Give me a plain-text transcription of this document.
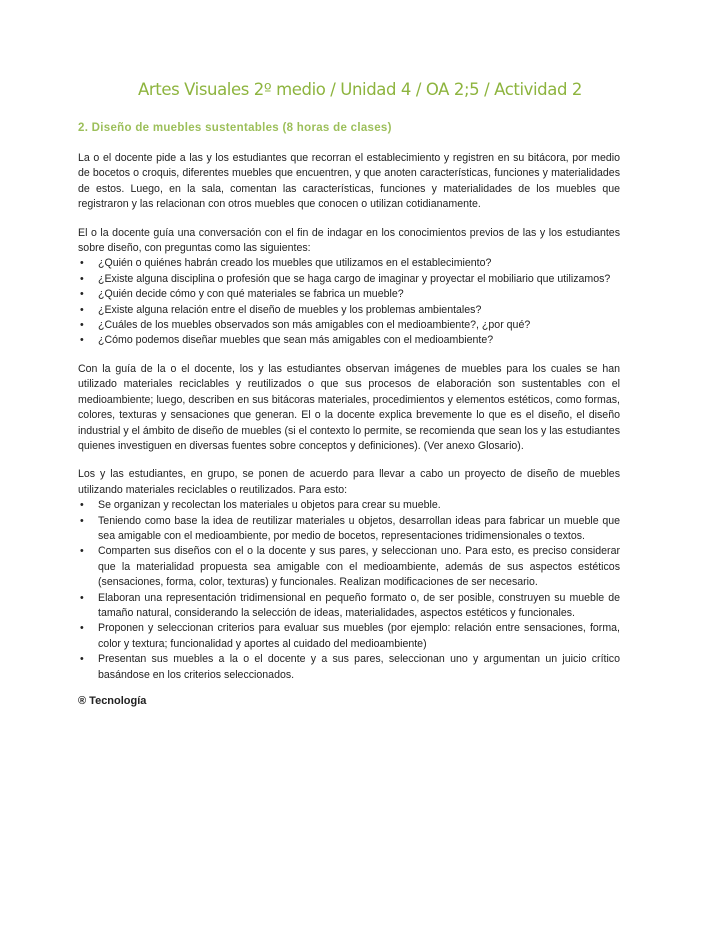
Artes Visuales 2º medio / Unidad 4 / OA 2;5 / Actividad 2
2. Diseño de muebles sustentables (8 horas de clases)

La o el docente pide a las y los estudiantes que recorran el establecimiento y registren en su bitácora, por medio de bocetos o croquis, diferentes muebles que encuentren, y que anoten características, funciones y materialidades de estos. Luego, en la sala, comentan las características, funciones y materialidades de los muebles que registraron y las relacionan con otros muebles que conocen o utilizan cotidianamente.

El o la docente guía una conversación con el fin de indagar en los conocimientos previos de las y los estudiantes sobre diseño, con preguntas como las siguientes:

• ¿Quién o quiénes habrán creado los muebles que utilizamos en el establecimiento?
• ¿Existe alguna disciplina o profesión que se haga cargo de imaginar y proyectar el mobiliario que utilizamos?
• ¿Quién decide cómo y con qué materiales se fabrica un mueble?
• ¿Existe alguna relación entre el diseño de muebles y los problemas ambientales?
• ¿Cuáles de los muebles observados son más amigables con el medioambiente?, ¿por qué?
• ¿Cómo podemos diseñar muebles que sean más amigables con el medioambiente?

Con la guía de la o el docente, los y las estudiantes observan imágenes de muebles para los cuales se han utilizado materiales reciclables y reutilizados o que sus procesos de elaboración son sustentables con el medioambiente; luego, describen en sus bitácoras materiales, procedimientos y elementos estéticos, como formas, colores, texturas y sensaciones que generan. El o la docente explica brevemente lo que es el diseño, el diseño industrial y el ámbito de diseño de muebles (si el contexto lo permite, se recomienda que sean los y las estudiantes quienes investiguen en diversas fuentes sobre conceptos y definiciones). (Ver anexo Glosario).

Los y las estudiantes, en grupo, se ponen de acuerdo para llevar a cabo un proyecto de diseño de muebles utilizando materiales reciclables o reutilizados. Para esto:

• Se organizan y recolectan los materiales u objetos para crear su mueble.
• Teniendo como base la idea de reutilizar materiales u objetos, desarrollan ideas para fabricar un mueble que sea amigable con el medioambiente, por medio de bocetos, representaciones tridimensionales o textos.
• Comparten sus diseños con el o la docente y sus pares, y seleccionan uno. Para esto, es preciso considerar que la materialidad propuesta sea amigable con el medioambiente, además de sus aspectos estéticos (sensaciones, forma, color, texturas) y funcionales. Realizan modificaciones de ser necesario.
• Elaboran una representación tridimensional en pequeño formato o, de ser posible, construyen su mueble de tamaño natural, considerando la selección de ideas, materialidades, aspectos estéticos y funcionales.
• Proponen y seleccionan criterios para evaluar sus muebles (por ejemplo: relación entre sensaciones, forma, color y textura; funcionalidad y aportes al cuidado del medioambiente)
• Presentan sus muebles a la o el docente y a sus pares, seleccionan uno y argumentan un juicio crítico basándose en los criterios seleccionados.
® Tecnología
